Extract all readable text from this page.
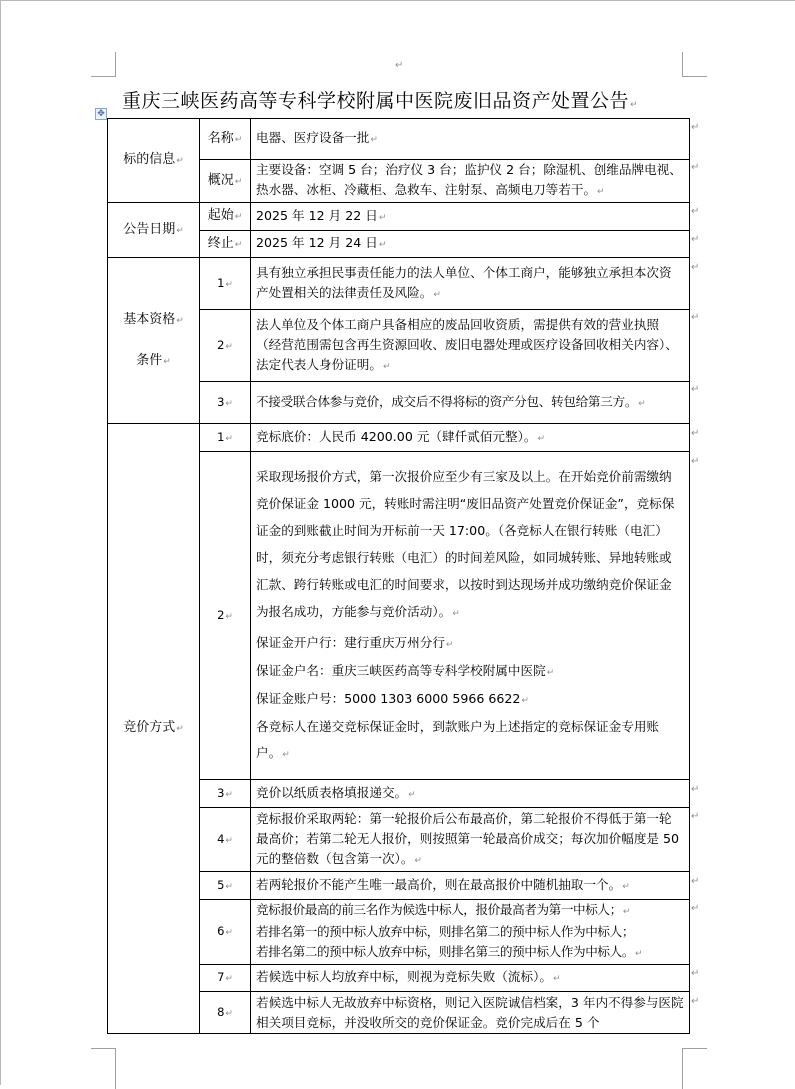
↵
重庆三峡医药高等专科学校附属中医院废旧品资产处置公告↵
✥
标的信息↵	名称↵	电器、医疗设备一批↵
	概况↵	主要设备：空调 5 台；治疗仪 3 台；监护仪 2 台；除湿机、创维品牌电视、热水器、冰柜、冷藏柜、急救车、注射泵、高频电刀等若干。↵
公告日期↵	起始↵	2025 年 12 月 22 日↵
	终止↵	2025 年 12 月 24 日↵

基本资格↵
条件↵	1↵	具有独立承担民事责任能力的法人单位、个体工商户，能够独立承担本次资产处置相关的法律责任及风险。↵
	2↵	法人单位及个体工商户具备相应的废品回收资质，需提供有效的营业执照（经营范围需包含再生资源回收、废旧电器处理或医疗设备回收相关内容）、法定代表人身份证明。↵
	3↵	不接受联合体参与竞价，成交后不得将标的资产分包、转包给第三方。↵
竞价方式↵	1↵	竞标底价：人民币 4200.00 元（肆仟贰佰元整）。↵
	2↵	采取现场报价方式，第一次报价应至少有三家及以上。在开始竞价前需缴纳竞价保证金 1000 元，转账时需注明“废旧品资产处置竞价保证金”，竞标保证金的到账截止时间为开标前一天 17:00。（各竞标人在银行转账（电汇）时，须充分考虑银行转账（电汇）的时间差风险，如同城转账、异地转账或汇款、跨行转账或电汇的时间要求，以按时到达现场并成功缴纳竞价保证金为报名成功，方能参与竞价活动）。↵
保证金开户行：建行重庆万州分行↵
保证金户名：重庆三峡医药高等专科学校附属中医院↵
保证金账户号：5000 1303 6000 5966 6622↵
各竞标人在递交竞标保证金时，到款账户为上述指定的竞标保证金专用账户。↵

	3↵	竞价以纸质表格填报递交。↵
	4↵	竞标报价采取两轮：第一轮报价后公布最高价，第二轮报价不得低于第一轮最高价；若第二轮无人报价，则按照第一轮最高价成交；每次加价幅度是 50 元的整倍数（包含第一次）。↵
	5↵	若两轮报价不能产生唯一最高价，则在最高报价中随机抽取一个。↵
	6↵	竞标报价最高的前三名作为候选中标人，报价最高者为第一中标人；↵
若排名第一的预中标人放弃中标，则排名第二的预中标人作为中标人；
若排名第二的预中标人放弃中标，则排名第三的预中标人作为中标人。↵

	7↵	若候选中标人均放弃中标，则视为竞标失败（流标）。↵
	8↵	若候选中标人无故放弃中标资格，则记入医院诚信档案，3 年内不得参与医院相关项目竞标，并没收所交的竞价保证金。竞价完成后在 5 个
↵
↵
↵
↵
↵
↵
↵
↵
↵
↵
↵
↵
↵
↵
↵
